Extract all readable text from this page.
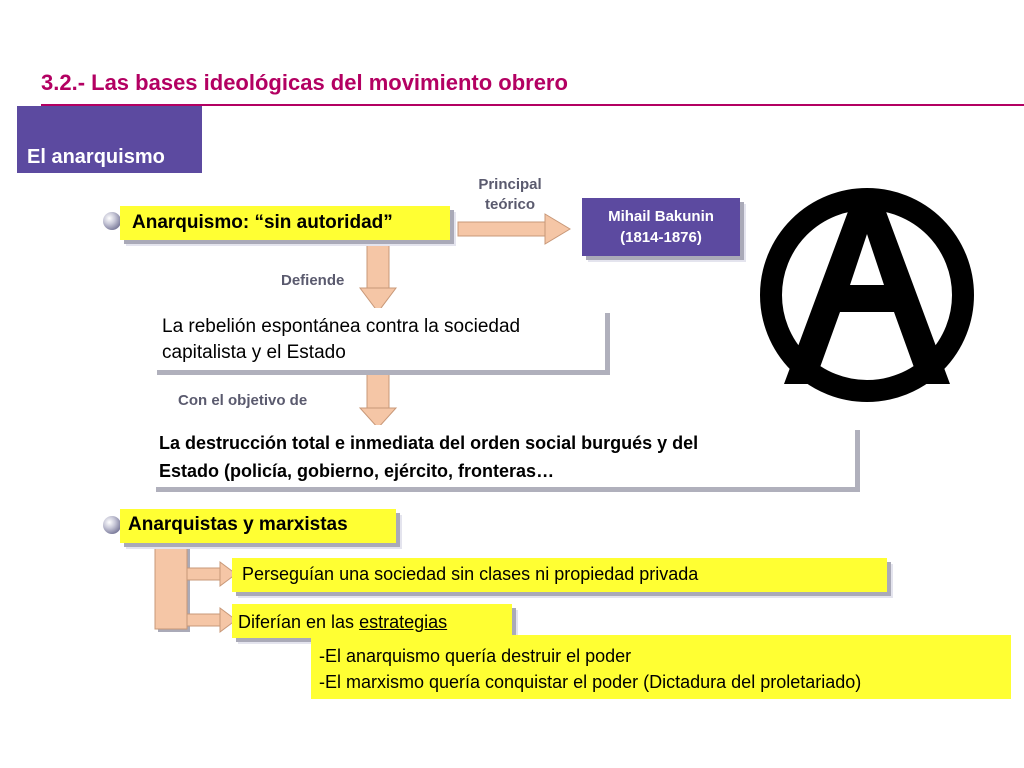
3.2.- Las bases ideológicas del movimiento obrero
El anarquismo
Anarquismo: “sin autoridad”
Principal teórico
Mihail Bakunin
(1814-1876)
Defiende
La rebelión espontánea contra la sociedad
capitalista y el Estado
Con el objetivo de
La destrucción total e inmediata del orden social burgués y del
Estado (policía, gobierno, ejército, fronteras…
Anarquistas y marxistas
Perseguían una sociedad sin clases ni propiedad privada
Diferían en las estrategias
-El anarquismo quería destruir el poder
-El marxismo quería conquistar el poder (Dictadura del proletariado)
